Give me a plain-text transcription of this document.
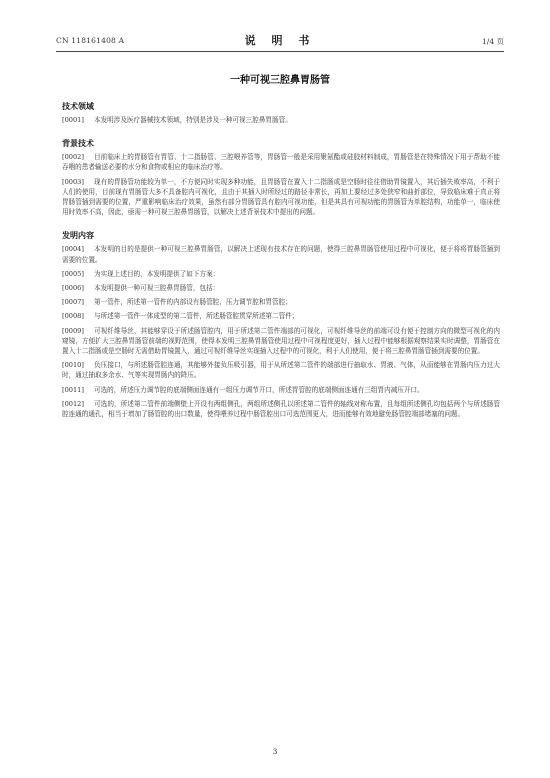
CN 118161408 A	说 明 书	1/4 页
一种可视三腔鼻胃肠管
技术领域
[0001]	本发明涉及医疗器械技术领域，特别是涉及一种可视三腔鼻胃肠管。
背景技术
[0002]	目前临床上的胃肠管有胃管、十二指肠管、三腔喂养管等，胃肠管一般是采用聚氨酯或硅胶材料制成，胃肠管是在特殊情况下用于帮助不能吞咽的患者输送必要的水分和食物或相应的临床治疗等。
[0003]	现有的胃肠管功能较为单一，不方便同时实现多种功能，且胃肠管在置入十二指肠或是空肠时往往借助胃镜置入，其后插失败率高，不利于人们的使用，目前现有胃肠管大多不具备腔内可视化，且由于其插入时所经过的路径非常长，再加上要经过多处狭窄和曲折部位，导致临床难于真正将胃肠管插到需要的位置，严重影响临床治疗效果，虽然有部分胃肠管具有腔内可视功能，但是其具有可视功能的胃肠管为单腔结构，功能单一，临床使用时效率不高，因此，亟需一种可视三腔鼻胃肠管，以解决上述背景技术中提出的问题。
发明内容
[0004]	本发明的目的是提供一种可视三腔鼻胃肠管，以解决上述现有技术存在的问题，使得三腔鼻胃肠管使用过程中可视化，便于将将胃肠管插到需要的位置。
[0005]	为实现上述目的，本发明提供了如下方案：
[0006]	本发明提供一种可视三腔鼻胃肠管，包括：
[0007]	第一管件，所述第一管件的内部设有肠管腔、压力调节腔和胃管腔；
[0008]	与所述第一管件一体成型的第二管件，所述肠管腔贯穿所述第二管件；
[0009]	可视纤维导丝，其能够穿设于所述肠管腔内，用于所述第二管件端部的可视化，可视纤维导丝的前端可设有便于控制方向的微型可视化的内窥镜，方便扩大三腔鼻胃肠管前端的视野范围，使得本发明三腔鼻胃肠管使用过程中可视程度更好，插入过程中能够根据观察结果实时调整，胃肠管在置入十二指肠或是空肠时无需借助胃镜置入，通过可视纤维导丝实现插入过程中的可视化，利于人们使用，便于将三腔鼻胃肠管插到需要的位置。
[0010]	负压接口，与所述肠管腔连通，其能够外接负压吸引器，用于从所述第二管件的端部进行抽取水、胃液、气体，从而能够在胃肠内压力过大时，通过抽取多余水、气等实现胃肠内的降压。
[0011]	可选的，所述压力调节腔的底端侧面连通有一组压力调节开口，所述胃管腔的底端侧面连通有三组胃内减压开口。
[0012]	可选的，所述第二管件前端侧壁上开设有两组侧孔，两组所述侧孔以所述第二管件的轴线对称布置，且每组所述侧孔均包括两个与所述肠管腔连通的通孔，相当于增加了肠管腔的出口数量，使得喂养过程中肠管腔出口可选范围更大，进而能够有效地避免肠管腔端部堵塞的问题。
3
